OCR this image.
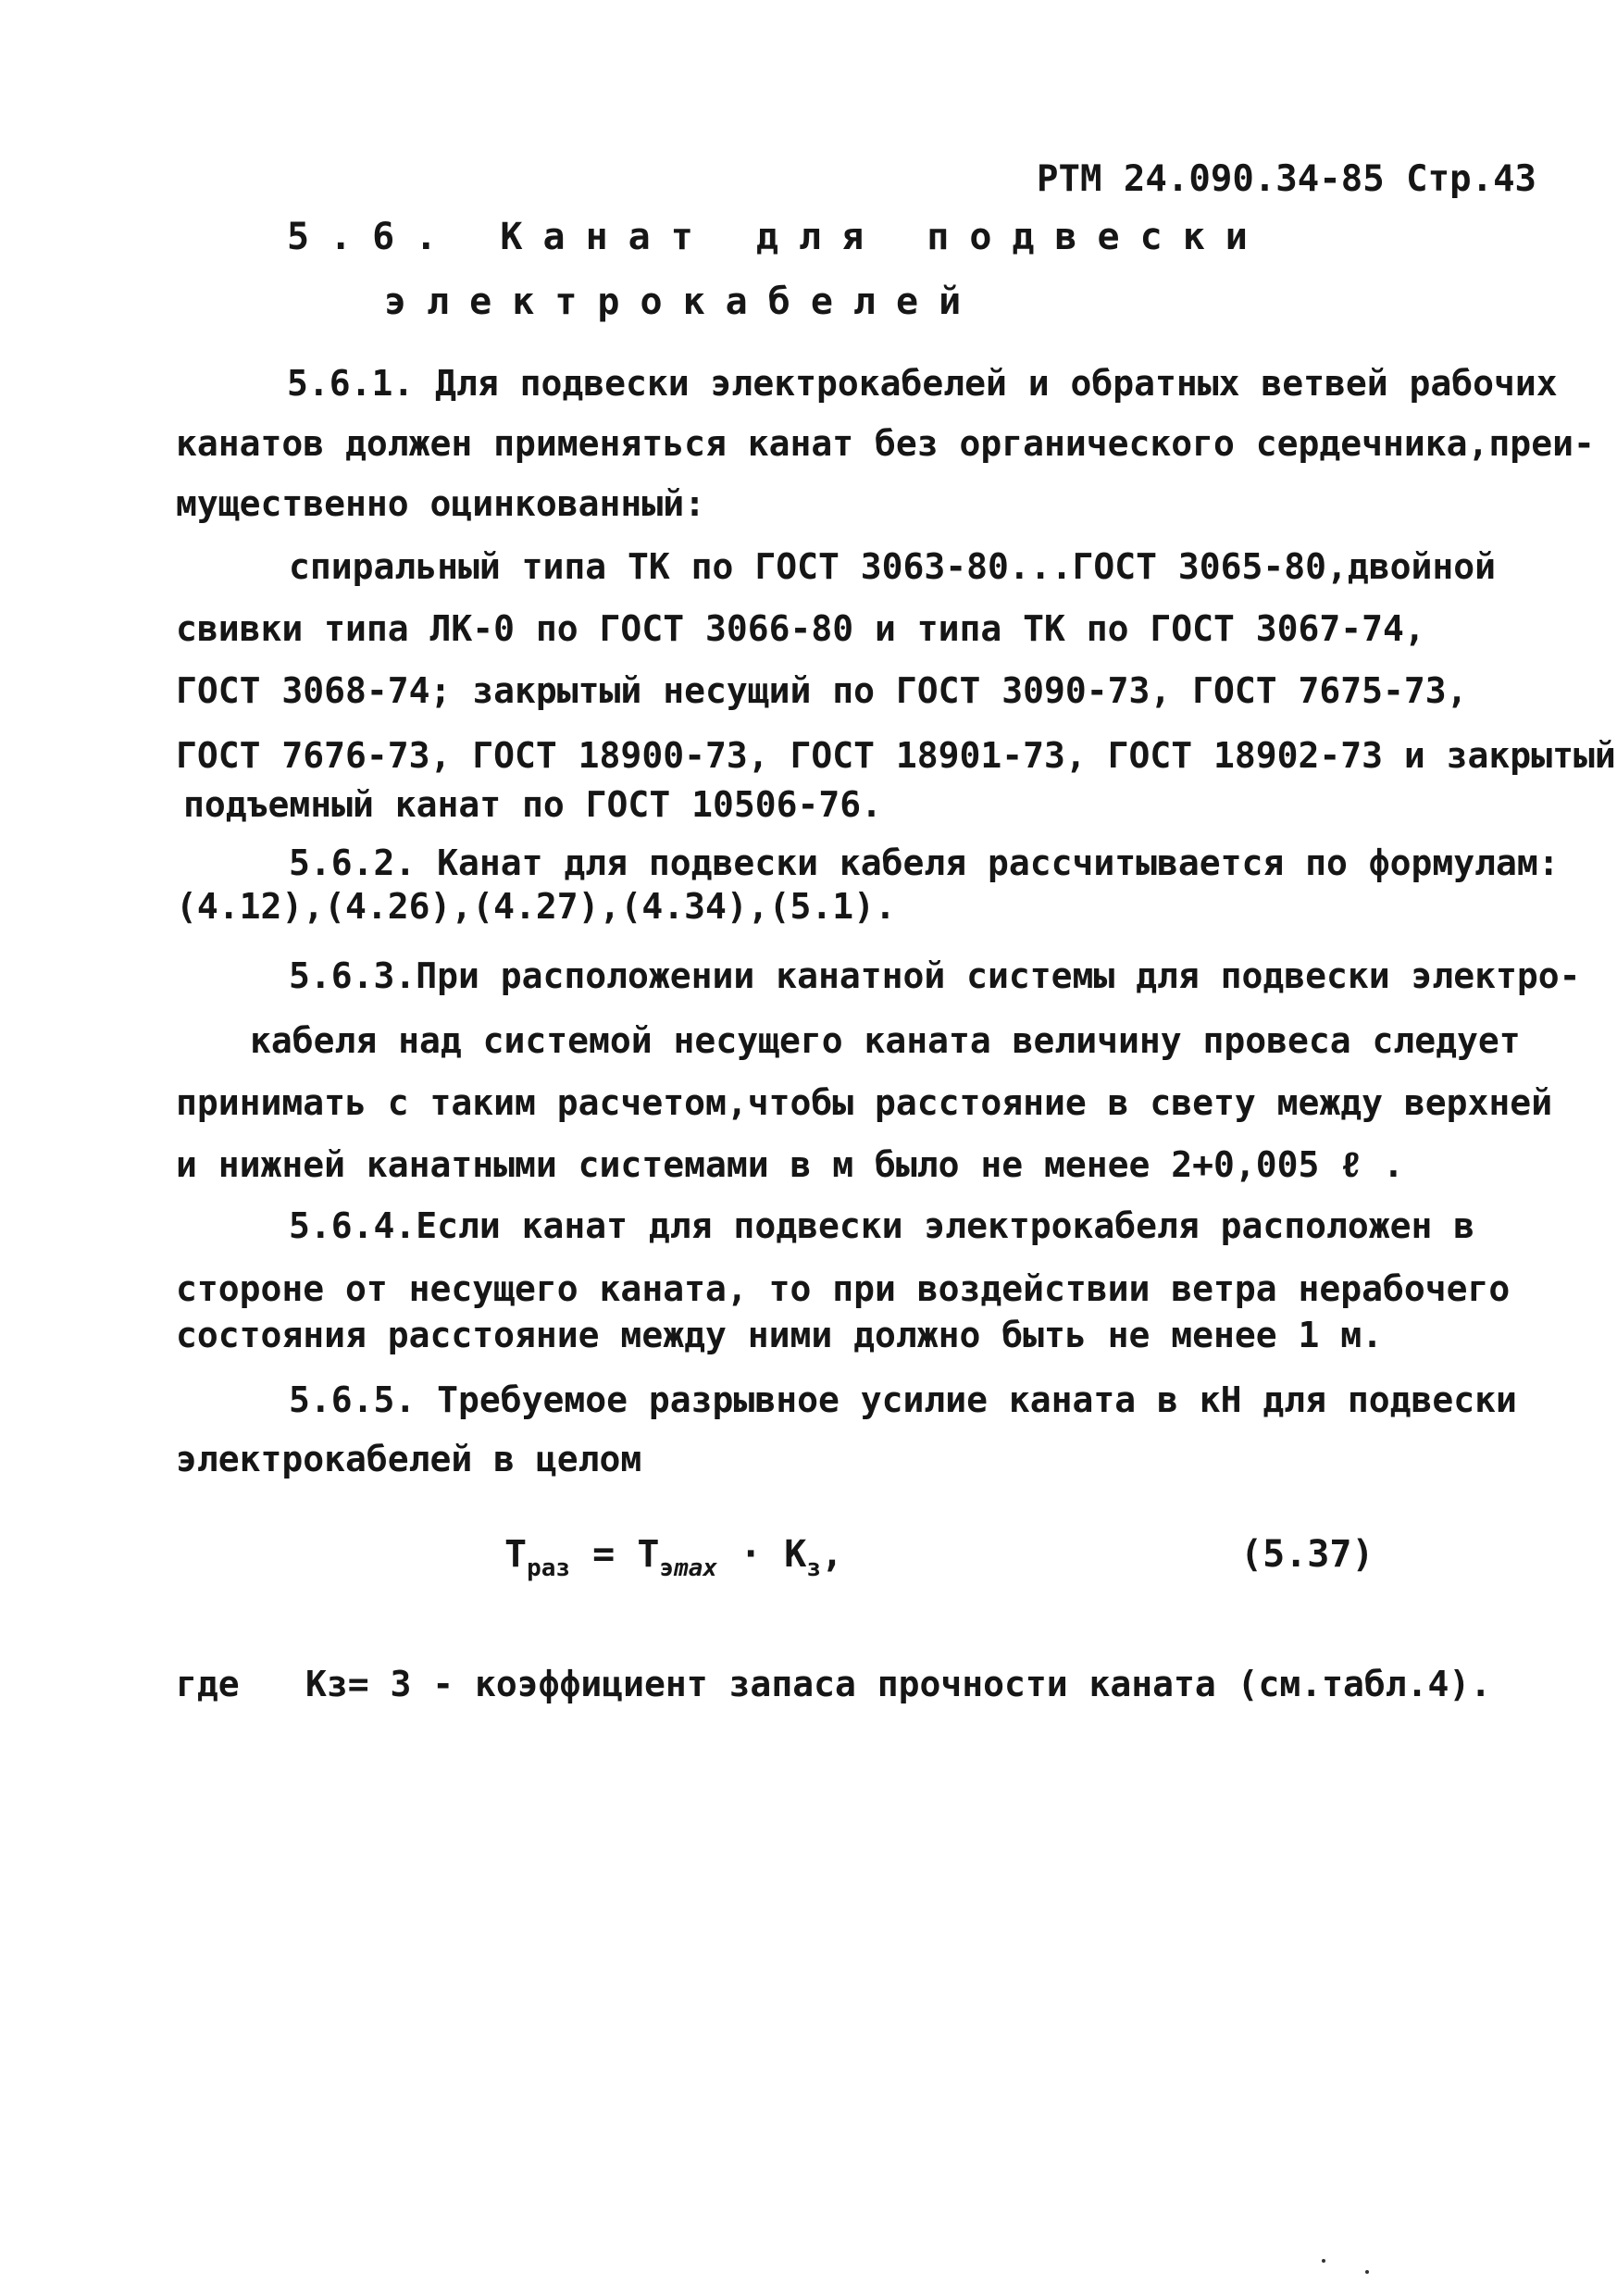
РТМ 24.090.34-85 Стр.43
5.6. Канат для подвески
электрокабелей
5.6.1. Для подвески электрокабелей и обратных ветвей рабочих
канатов должен применяться канат без органического сердечника,преи-
мущественно оцинкованный:
спиральный типа ТК по ГОСТ 3063-80...ГОСТ 3065-80,двойной
свивки типа ЛК-0 по ГОСТ 3066-80 и типа ТК по ГОСТ 3067-74,
ГОСТ 3068-74; закрытый несущий по ГОСТ 3090-73, ГОСТ 7675-73,
ГОСТ 7676-73, ГОСТ 18900-73, ГОСТ 18901-73, ГОСТ 18902-73 и закрытый
подъемный канат по ГОСТ 10506-76.
5.6.2. Канат для подвески кабеля рассчитывается по формулам:
(4.12),(4.26),(4.27),(4.34),(5.1).
5.6.3.При расположении канатной системы для подвески электро-
кабеля над системой несущего каната величину провеса следует
принимать с таким расчетом,чтобы расстояние в свету между верхней
и нижней канатными системами в м было не менее 2+0,005 ℓ .
5.6.4.Если канат для подвески электрокабеля расположен в
стороне от несущего каната, то при воздействии ветра нерабочего
состояния расстояние между ними должно быть не менее 1 м.
5.6.5. Требуемое разрывное усилие каната в кН для подвески
электрокабелей в целом
$T_{раз} = T_{эmax} \cdot K_з$,	(5.37)
где Kз= 3 - коэффициент запаса прочности каната (см.табл.4).
